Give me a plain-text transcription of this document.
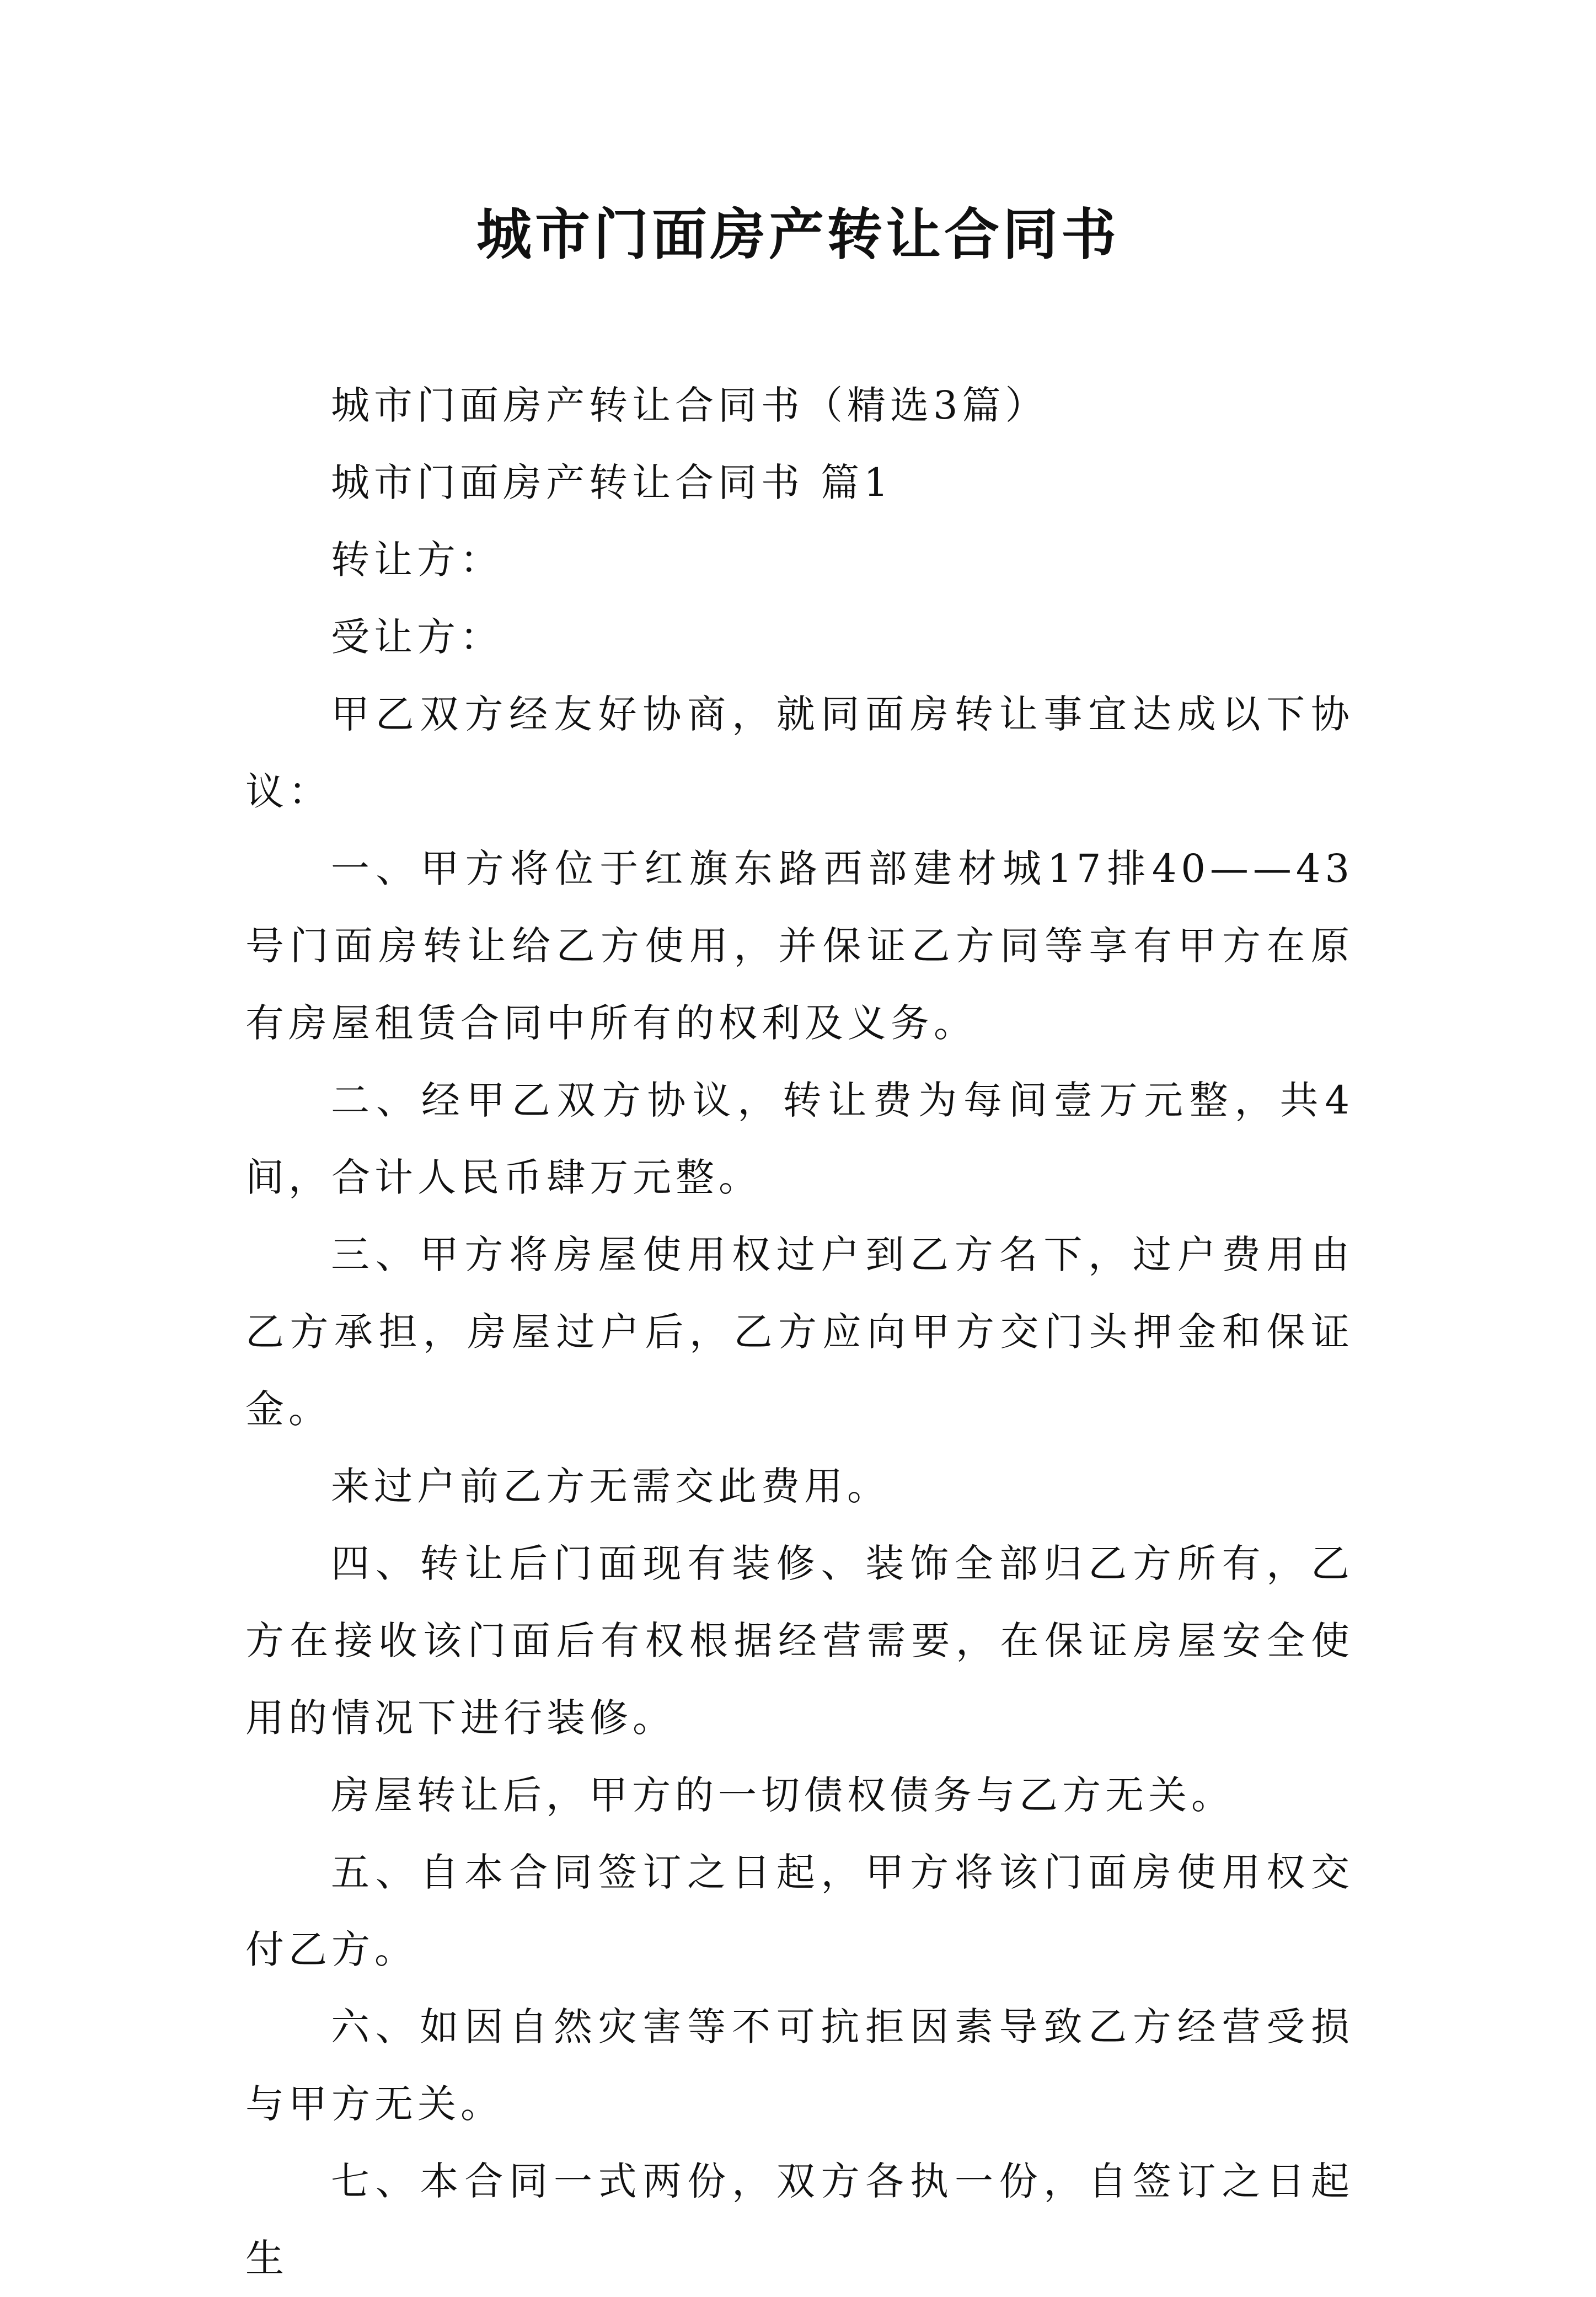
城市门面房产转让合同书

城市门面房产转让合同书（精选3篇）

城市门面房产转让合同书 篇1

转让方：

受让方：

甲乙双方经友好协商，就同面房转让事宜达成以下协议：

一、甲方将位于红旗东路西部建材城17排40——43号门面房转让给乙方使用，并保证乙方同等享有甲方在原有房屋租赁合同中所有的权利及义务。

二、经甲乙双方协议，转让费为每间壹万元整，共4间，合计人民币肆万元整。

三、甲方将房屋使用权过户到乙方名下，过户费用由乙方承担，房屋过户后，乙方应向甲方交门头押金和保证金。

来过户前乙方无需交此费用。

四、转让后门面现有装修、装饰全部归乙方所有，乙方在接收该门面后有权根据经营需要，在保证房屋安全使用的情况下进行装修。

房屋转让后，甲方的一切债权债务与乙方无关。

五、自本合同签订之日起，甲方将该门面房使用权交付乙方。

六、如因自然灾害等不可抗拒因素导致乙方经营受损与甲方无关。

七、本合同一式两份，双方各执一份，自签订之日起生
